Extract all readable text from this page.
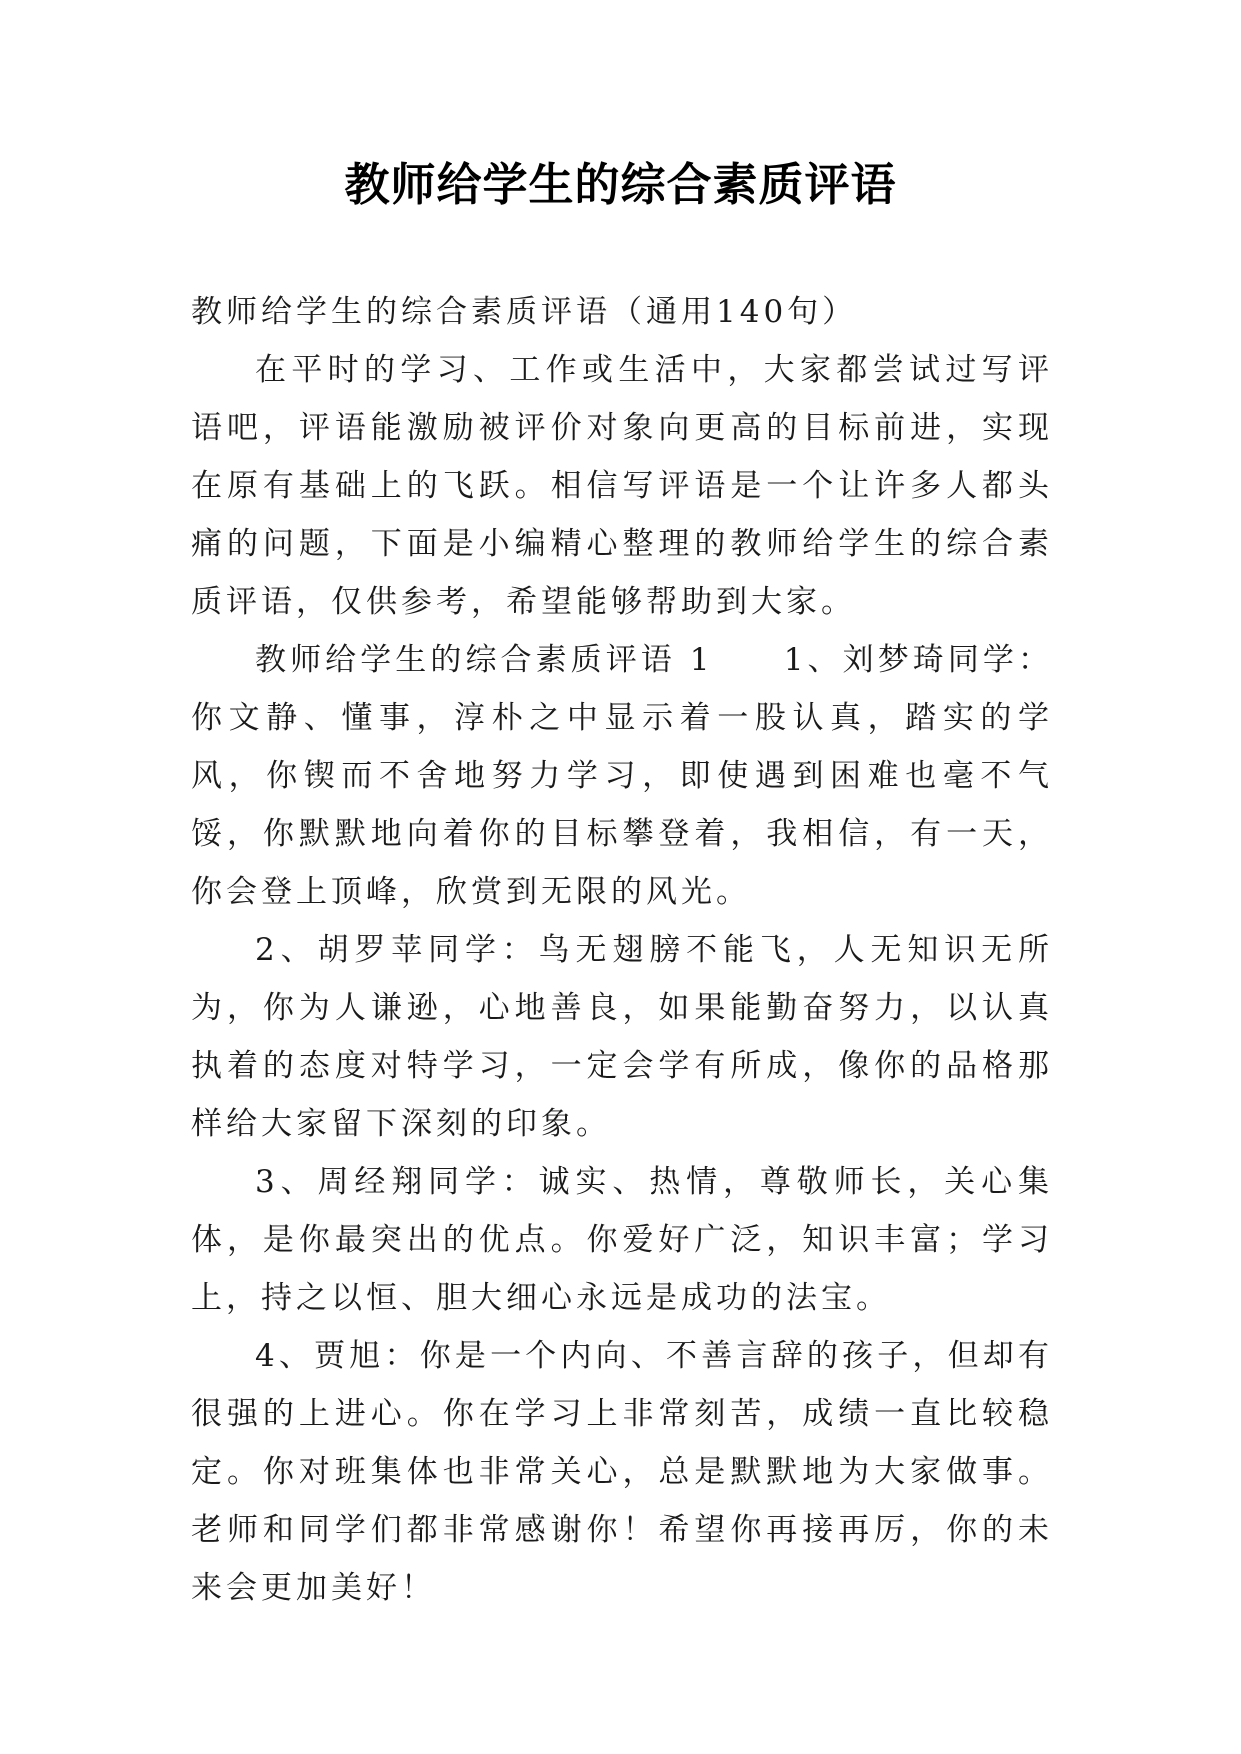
教师给学生的综合素质评语

教师给学生的综合素质评语（通用140句）

在平时的学习、工作或生活中，大家都尝试过写评语吧，评语能激励被评价对象向更高的目标前进，实现在原有基础上的飞跃。相信写评语是一个让许多人都头痛的问题，下面是小编精心整理的教师给学生的综合素质评语，仅供参考，希望能够帮助到大家。

教师给学生的综合素质评语 1　　1、刘梦琦同学：你文静、懂事，淳朴之中显示着一股认真，踏实的学风，你锲而不舍地努力学习，即使遇到困难也毫不气馁，你默默地向着你的目标攀登着，我相信，有一天，你会登上顶峰，欣赏到无限的风光。

2、胡罗苹同学：鸟无翅膀不能飞，人无知识无所为，你为人谦逊，心地善良，如果能勤奋努力，以认真执着的态度对特学习，一定会学有所成，像你的品格那样给大家留下深刻的印象。

3、周经翔同学：诚实、热情，尊敬师长，关心集体，是你最突出的优点。你爱好广泛，知识丰富；学习上，持之以恒、胆大细心永远是成功的法宝。

4、贾旭：你是一个内向、不善言辞的孩子，但却有很强的上进心。你在学习上非常刻苦，成绩一直比较稳定。你对班集体也非常关心，总是默默地为大家做事。老师和同学们都非常感谢你！希望你再接再厉，你的未来会更加美好！
